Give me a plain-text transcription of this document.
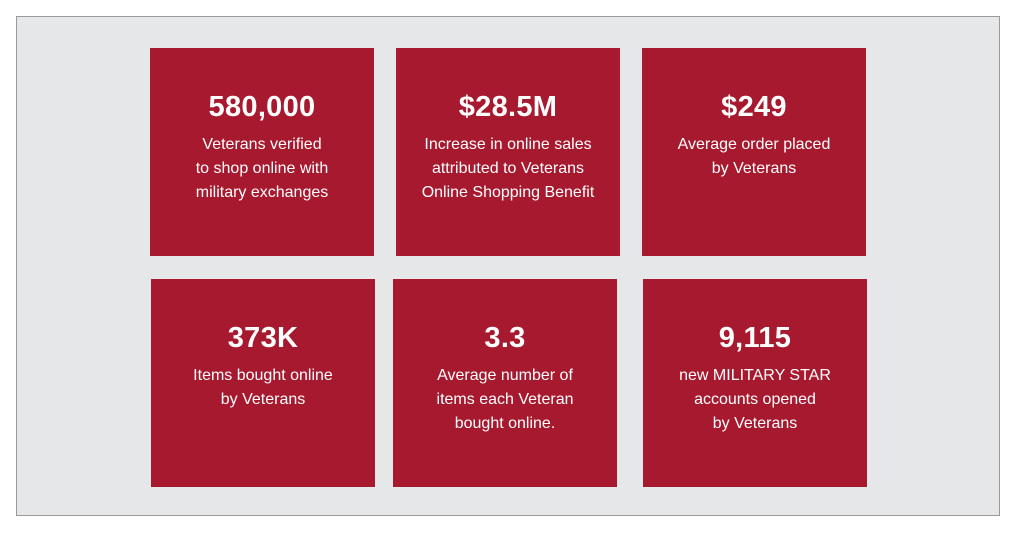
580,000
Veterans verified
to shop online with
military exchanges
$28.5M
Increase in online sales
attributed to Veterans
Online Shopping Benefit
$249
Average order placed
by Veterans
373K
Items bought online
by Veterans
3.3
Average number of
items each Veteran
bought online.
9,115
new MILITARY STAR
accounts opened
by Veterans
